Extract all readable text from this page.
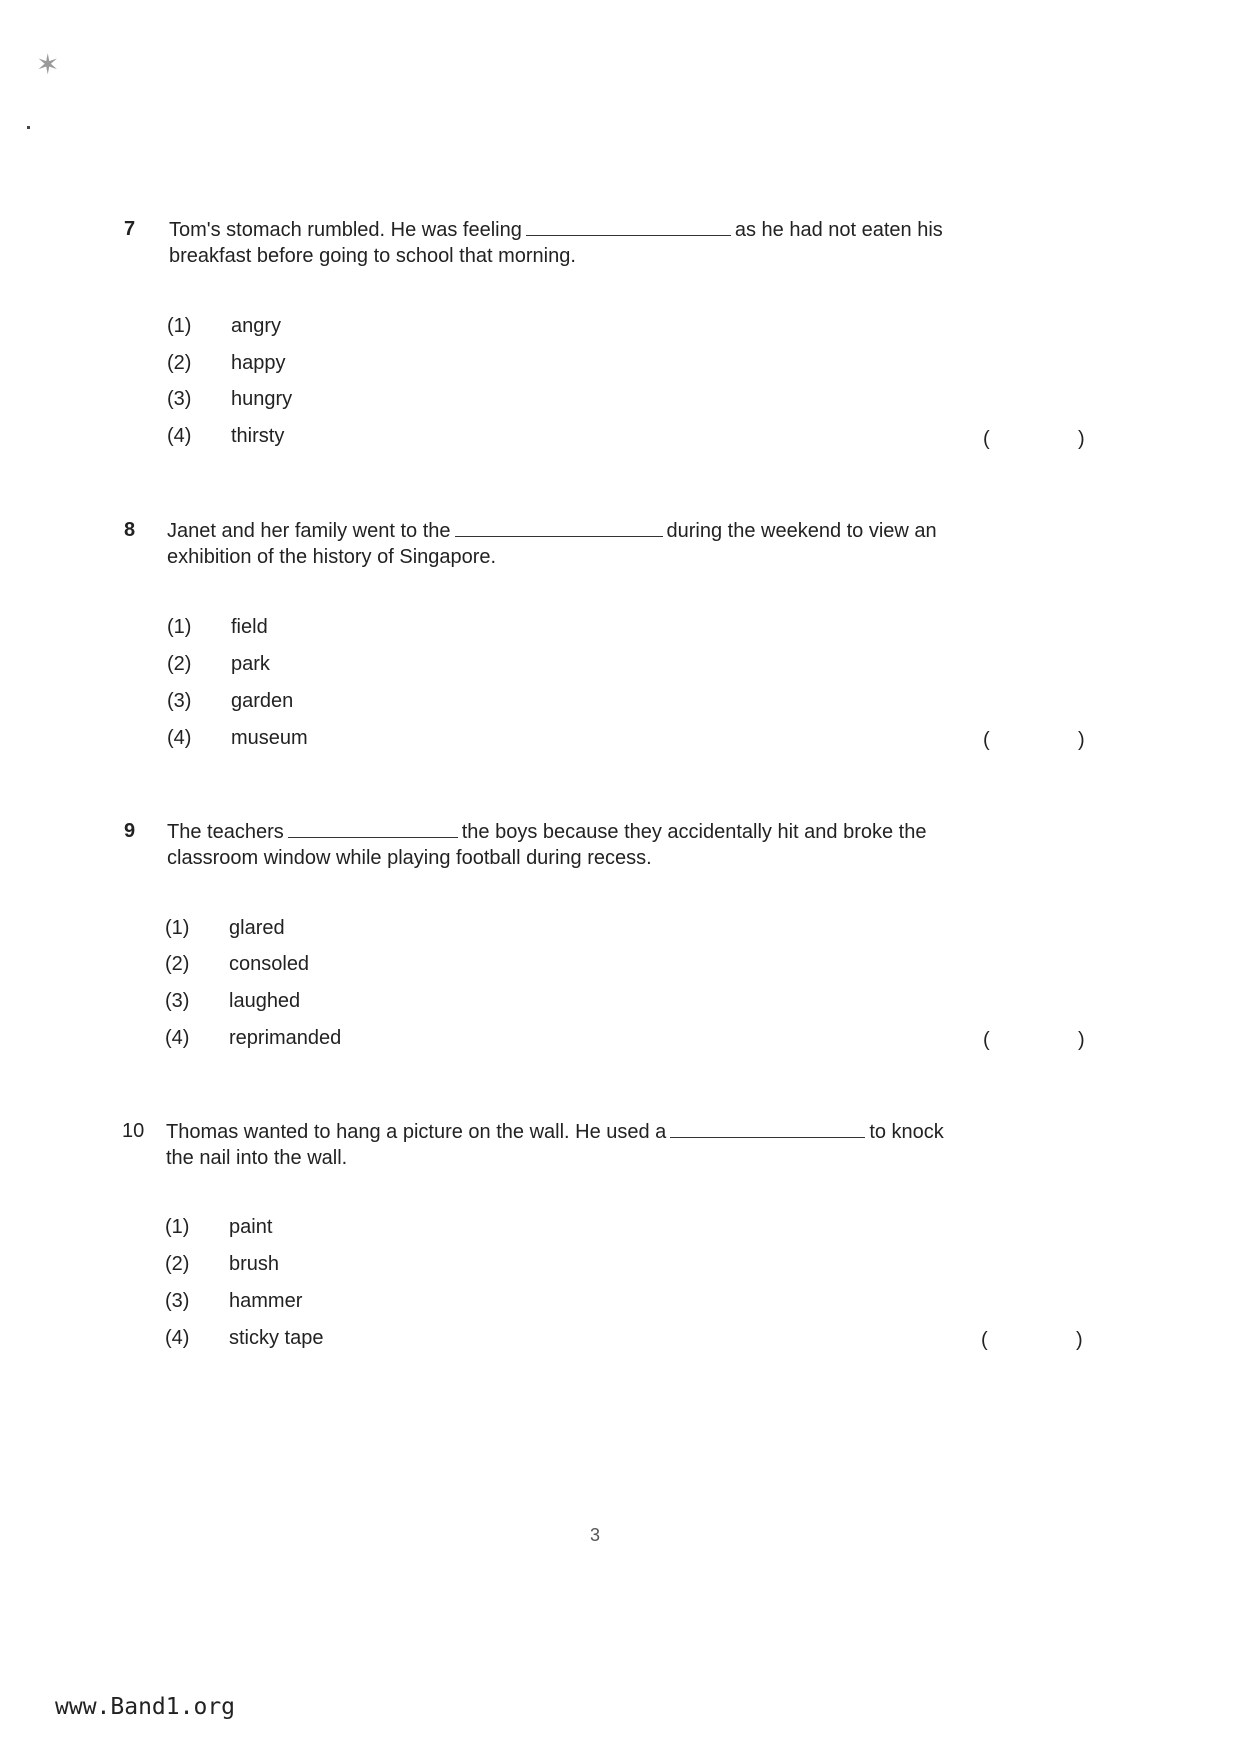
✶
7 Tom's stomach rumbled. He was feeling	as he had not eaten his
breakfast before going to school that morning.
(1) angry
(2) happy
(3) hungry
(4) thirsty	(	)
8 Janet and her family went to the	during the weekend to view an
exhibition of the history of Singapore.
(1) field
(2) park
(3) garden
(4) museum	(	)
9 The teachers	the boys because they accidentally hit and broke the
classroom window while playing football during recess.
(1) glared
(2) consoled
(3) laughed
(4) reprimanded	(	)
10 Thomas wanted to hang a picture on the wall. He used a	to knock
the nail into the wall.
(1) paint
(2) brush
(3) hammer
(4) sticky tape	(	)
3
www.Band1.org
